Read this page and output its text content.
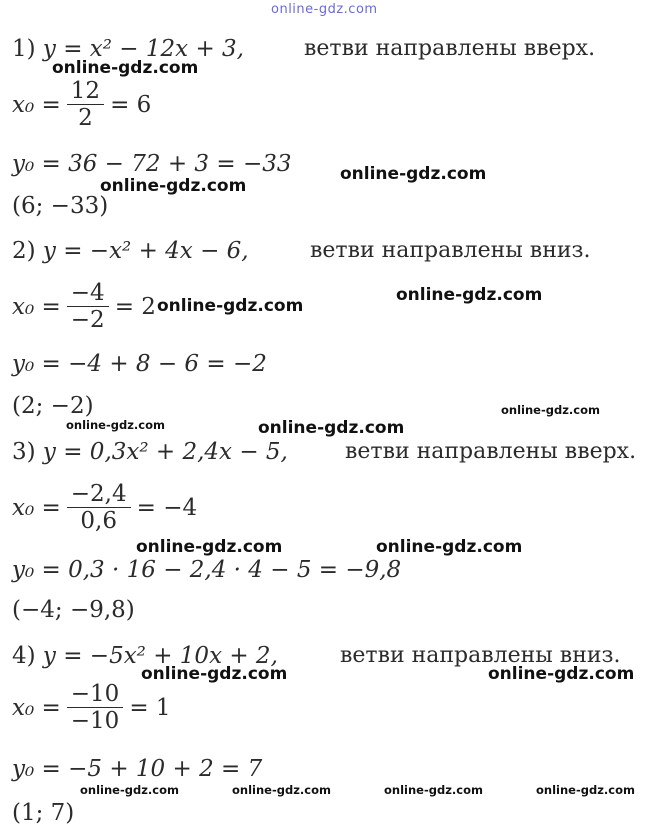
online-gdz.com
1) y = x² − 12x + 3,	ветви направлены вверх.
$x_0 = \frac{12}{2} = 6$
y₀ = 36 − 72 + 3 = −33
(6; −33)
2) y = −x² + 4x − 6,	ветви направлены вниз.
$x_0 = \frac{-4}{-2} = 2$
y₀ = −4 + 8 − 6 = −2
(2; −2)
3) y = 0,3x² + 2,4x − 5,	ветви направлены вверх.
$x_0 = \frac{-2,4}{0,6} = -4$
y₀ = 0,3 · 16 − 2,4 · 4 − 5 = −9,8
(−4; −9,8)
4) y = −5x² + 10x + 2,	ветви направлены вниз.
$x_0 = \frac{-10}{-10} = 1$
y₀ = −5 + 10 + 2 = 7
(1; 7)
online-gdz.com
online-gdz.com
online-gdz.com
online-gdz.com
online-gdz.com
online-gdz.com	online-gdz.com
online-gdz.com
online-gdz.com	online-gdz.com
online-gdz.com	online-gdz.com
online-gdz.com	online-gdz.com	online-gdz.com	online-gdz.com
